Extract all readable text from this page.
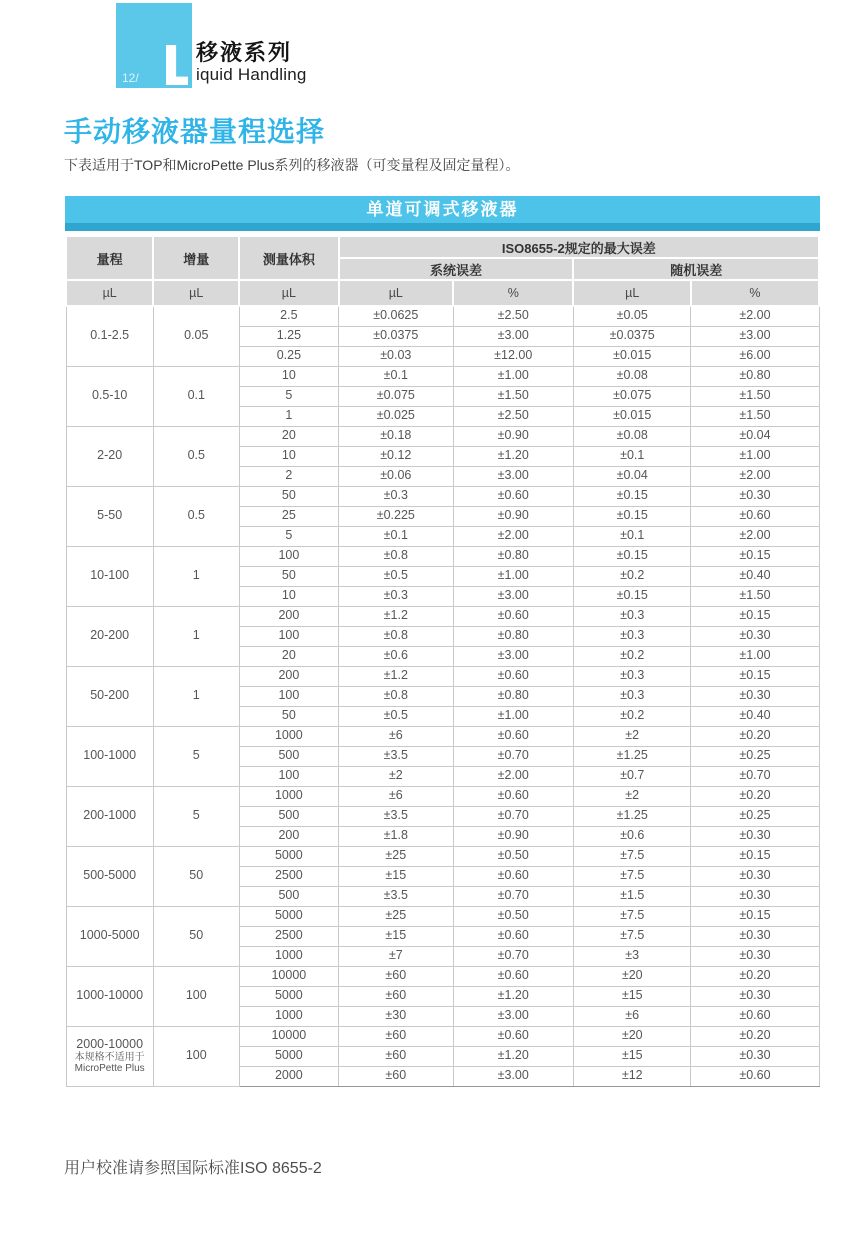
12/
移液系列
iquid Handling
手动移液器量程选择

下表适用于TOP和MicroPette Plus系列的移液器（可变量程及固定量程）。

单道可调式移液器
量程	增量	测量体积	ISO8655-2规定的最大误差			
			系统误差		随机误差	
µL	µL	µL	µL	%	µL	%

0.1-2.5	0.05	2.5	±0.0625	±2.50	±0.05	±2.00
		1.25	±0.0375	±3.00	±0.0375	±3.00
		0.25	±0.03	±12.00	±0.015	±6.00

0.5-10	0.1	10	±0.1	±1.00	±0.08	±0.80
		5	±0.075	±1.50	±0.075	±1.50
		1	±0.025	±2.50	±0.015	±1.50

2-20	0.5	20	±0.18	±0.90	±0.08	±0.04
		10	±0.12	±1.20	±0.1	±1.00
		2	±0.06	±3.00	±0.04	±2.00

5-50	0.5	50	±0.3	±0.60	±0.15	±0.30
		25	±0.225	±0.90	±0.15	±0.60
		5	±0.1	±2.00	±0.1	±2.00

10-100	1	100	±0.8	±0.80	±0.15	±0.15
		50	±0.5	±1.00	±0.2	±0.40
		10	±0.3	±3.00	±0.15	±1.50

20-200	1	200	±1.2	±0.60	±0.3	±0.15
		100	±0.8	±0.80	±0.3	±0.30
		20	±0.6	±3.00	±0.2	±1.00

50-200	1	200	±1.2	±0.60	±0.3	±0.15
		100	±0.8	±0.80	±0.3	±0.30
		50	±0.5	±1.00	±0.2	±0.40

100-1000	5	1000	±6	±0.60	±2	±0.20
		500	±3.5	±0.70	±1.25	±0.25
		100	±2	±2.00	±0.7	±0.70

200-1000	5	1000	±6	±0.60	±2	±0.20
		500	±3.5	±0.70	±1.25	±0.25
		200	±1.8	±0.90	±0.6	±0.30

500-5000	50	5000	±25	±0.50	±7.5	±0.15
		2500	±15	±0.60	±7.5	±0.30
		500	±3.5	±0.70	±1.5	±0.30

1000-5000	50	5000	±25	±0.50	±7.5	±0.15
		2500	±15	±0.60	±7.5	±0.30
		1000	±7	±0.70	±3	±0.30

1000-10000	100	10000	±60	±0.60	±20	±0.20
		5000	±60	±1.20	±15	±0.30
		1000	±30	±3.00	±6	±0.60

2000-10000
本规格不适用于
MicroPette Plus	100	10000	±60	±0.60	±20	±0.20
		5000	±60	±1.20	±15	±0.30
		2000	±60	±3.00	±12	±0.60

用户校准请参照国际标准ISO 8655-2
